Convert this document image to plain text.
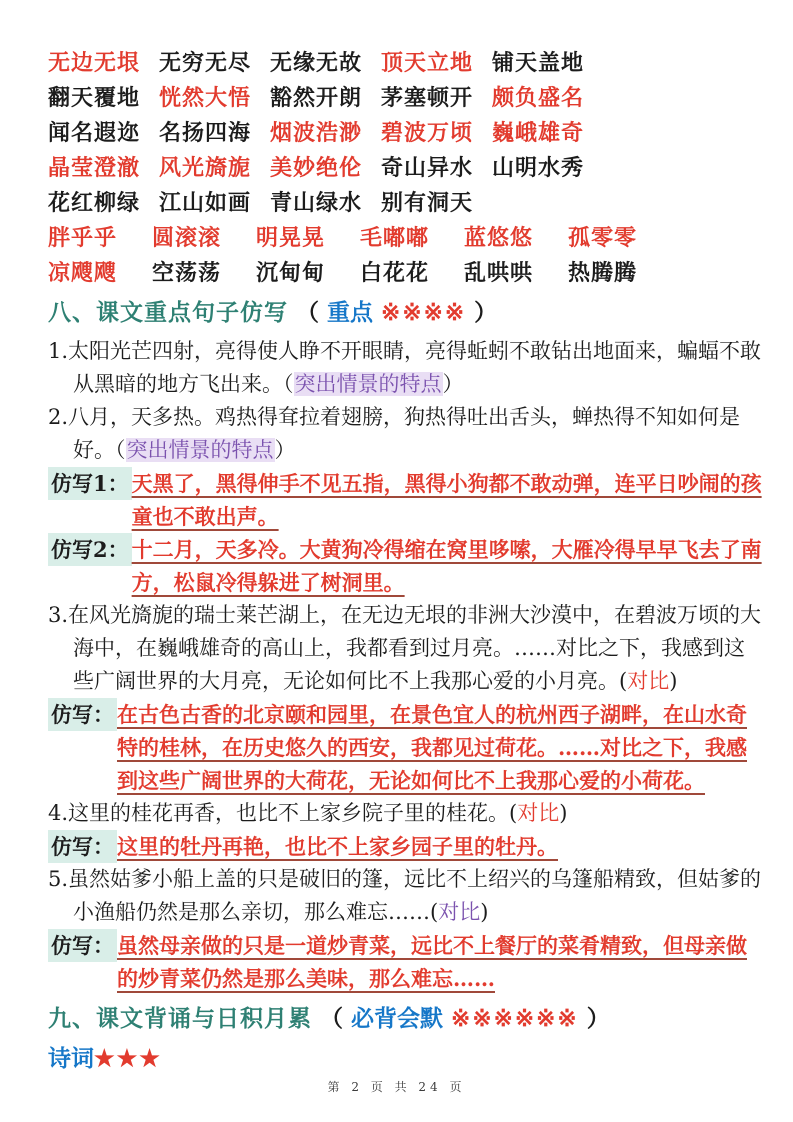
无边无垠 无穷无尽 无缘无故 顶天立地 铺天盖地
翻天覆地 恍然大悟 豁然开朗 茅塞顿开 颇负盛名
闻名遐迩 名扬四海 烟波浩渺 碧波万顷 巍峨雄奇
晶莹澄澈 风光旖旎 美妙绝伦 奇山异水 山明水秀
花红柳绿 江山如画 青山绿水 别有洞天
胖乎乎	圆滚滚	明晃晃	毛嘟嘟	蓝悠悠	孤零零
凉飕飕	空荡荡	沉甸甸	白花花	乱哄哄	热腾腾
八、课文重点句子仿写 （ 重点 ※※※※ ）

1.太阳光芒四射，亮得使人睁不开眼睛，亮得蚯蚓不敢钻出地面来，蝙蝠不敢从黑暗的地方飞出来。（突出情景的特点）

2.八月，天多热。鸡热得耷拉着翅膀，狗热得吐出舌头，蝉热得不知如何是好。（突出情景的特点）

仿写1： 天黑了，黑得伸手不见五指，黑得小狗都不敢动弹，连平日吵闹的孩童也不敢出声。
仿写2： 十二月，天多冷。大黄狗冷得缩在窝里哆嗦，大雁冷得早早飞去了南方，松鼠冷得躲进了树洞里。

3.在风光旖旎的瑞士莱芒湖上，在无边无垠的非洲大沙漠中，在碧波万顷的大海中，在巍峨雄奇的高山上，我都看到过月亮。……对比之下，我感到这些广阔世界的大月亮，无论如何比不上我那心爱的小月亮。(对比)

仿写： 在古色古香的北京颐和园里，在景色宜人的杭州西子湖畔，在山水奇特的桂林，在历史悠久的西安，我都见过荷花。……对比之下，我感到这些广阔世界的大荷花，无论如何比不上我那心爱的小荷花。

4.这里的桂花再香，也比不上家乡院子里的桂花。(对比)

仿写： 这里的牡丹再艳，也比不上家乡园子里的牡丹。

5.虽然姑爹小船上盖的只是破旧的篷，远比不上绍兴的乌篷船精致，但姑爹的小渔船仍然是那么亲切，那么难忘……(对比)

仿写： 虽然母亲做的只是一道炒青菜，远比不上餐厅的菜肴精致，但母亲做的炒青菜仍然是那么美味，那么难忘……
九、课文背诵与日积月累 （ 必背会默 ※※※※※※ ）
诗词★★★
第 2 页 共 24 页
